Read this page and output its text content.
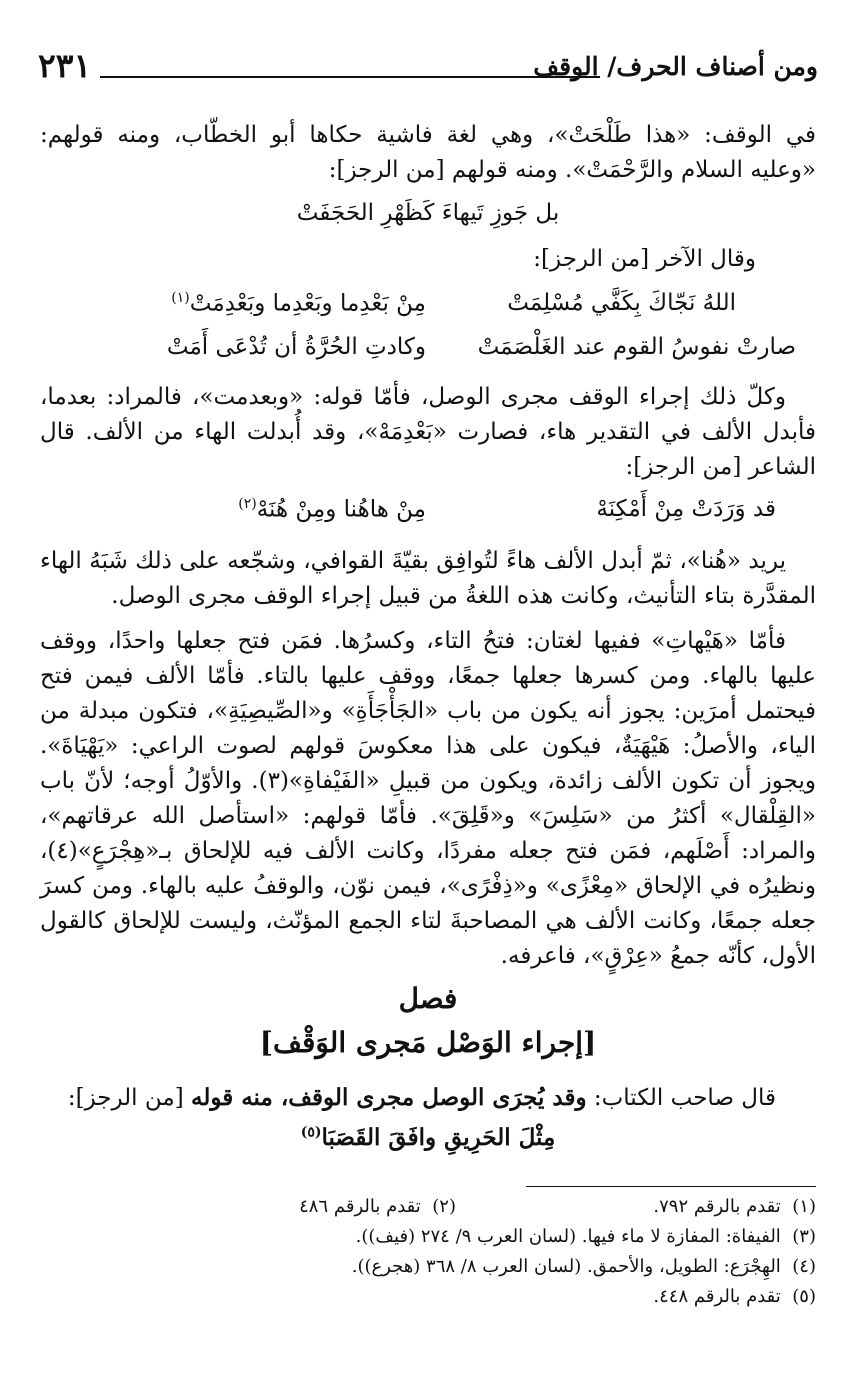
ومن أصناف الحرف/ الوقف
٢٣١

في الوقف: «هذا طَلْحَتْ»، وهي لغة فاشية حكاها أبو الخطّاب، ومنه قولهم: «وعليه السلام والرَّحْمَتْ». ومنه قولهم [من الرجز]:

بل جَوزِ تَيهاءَ كَظَهْرِ الحَجَفَتْ
وقال الآخر [من الرجز]:
اللهُ نَجّاكَ بِكَفَّي مُسْلِمَتْ
مِنْ بَعْدِما وبَعْدِما وبَعْدِمَتْ$^{(١)}$
صارتْ نفوسُ القوم عند الغَلْصَمَتْ
وكادتِ الحُرَّةُ أن تُدْعَى أَمَتْ

وكلّ ذلك إجراء الوقف مجرى الوصل، فأمّا قوله: «وبعدمت»، فالمراد: بعدما، فأبدل الألف في التقدير هاء، فصارت «بَعْدِمَهْ»، وقد أُبدلت الهاء من الألف. قال الشاعر [من الرجز]:

قد وَرَدَتْ مِنْ أَمْكِنَهْ
مِنْ هاهُنا ومِنْ هُنَهْ$^{(٢)}$

يريد «هُنا»، ثمّ أبدل الألف هاءً لتُوافِق بقيّةَ القوافي، وشجّعه على ذلك شَبَهُ الهاء المقدَّرة بتاء التأنيث، وكانت هذه اللغةُ من قبيل إجراء الوقف مجرى الوصل.

فأمّا «هَيْهاتِ» ففيها لغتان: فتحُ التاء، وكسرُها. فمَن فتح جعلها واحدًا، ووقف عليها بالهاء. ومن كسرها جعلها جمعًا، ووقف عليها بالتاء. فأمّا الألف فيمن فتح فيحتمل أمرَين: يجوز أنه يكون من باب «الجَأْجَأَةِ» و«الصِّيصِيَةِ»، فتكون مبدلة من الياء، والأصلُ: هَيْهَيَةٌ، فيكون على هذا معكوسَ قولهم لصوت الراعي: «يَهْيَاةَ». ويجوز أن تكون الألف زائدة، ويكون من قبيلِ «الفَيْفاةِ»(٣). والأوّلُ أوجه؛ لأنّ باب «القِلْقال» أكثرُ من «سَلِسَ» و«قَلِقَ». فأمّا قولهم: «استأصل الله عرقاتهم»، والمراد: أَصْلَهم، فمَن فتح جعله مفردًا، وكانت الألف فيه للإلحاق بـ«هِجْرَعٍ»(٤)، ونظيرُه في الإلحاق «مِعْزًى» و«ذِفْرًى»، فيمن نوّن، والوقفُ عليه بالهاء. ومن كسرَ جعله جمعًا، وكانت الألف هي المصاحبةَ لتاء الجمع المؤنّث، وليست للإلحاق كالقول الأول، كأنّه جمعُ «عِرْقٍ»، فاعرفه.

فصل
[إجراء الوَصْل مَجرى الوَقْف]
قال صاحب الكتاب: وقد يُجرَى الوصل مجرى الوقف، منه قوله [من الرجز]:
مِثْلَ الحَرِيقِ وافَقَ القَصَبَا$^{(٥)}$
(١)  تقدم بالرقم ٧٩٢.
(٢)  تقدم بالرقم ٤٨٦
(٣)  الفيفاة: المفازة لا ماء فيها. (لسان العرب ٩/ ٢٧٤ (فيف)).
(٤)  الهِجْرَع: الطويل، والأحمق. (لسان العرب ٨/ ٣٦٨ (هجرع)).
(٥)  تقدم بالرقم ٤٤٨.
